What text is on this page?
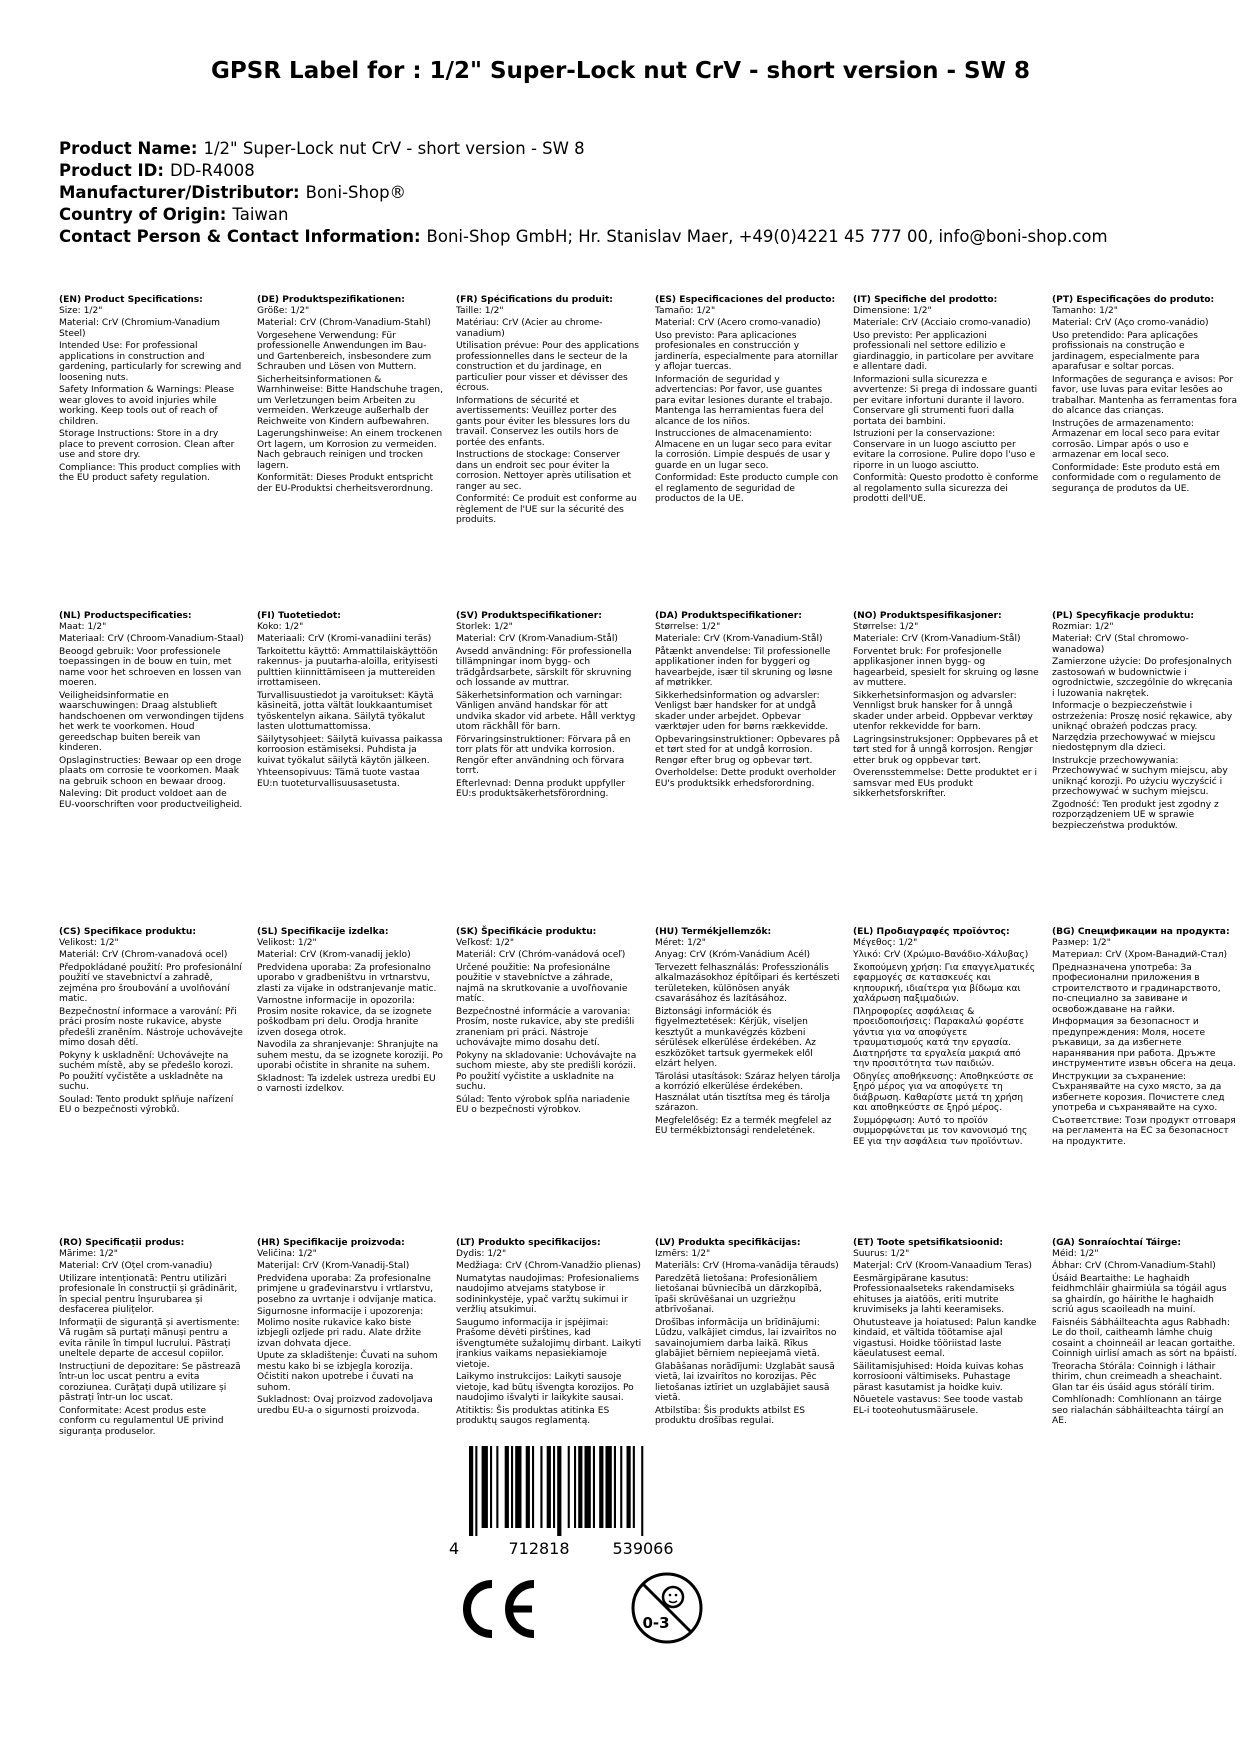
GPSR Label for : 1/2" Super-Lock nut CrV - short version - SW 8
Product Name: 1/2" Super-Lock nut CrV - short version - SW 8
Product ID: DD-R4008
Manufacturer/Distributor: Boni-Shop®
Country of Origin: Taiwan
Contact Person & Contact Information: Boni-Shop GmbH; Hr. Stanislav Maer, +49(0)4221 45 777 00, info@boni-shop.com
(EN) Product Specifications:
Size: 1/2"
Material: CrV (Chromium-Vanadium Steel)
Intended Use: For professional applications in construction and gardening, particularly for screwing and loosening nuts.
Safety Information & Warnings: Please wear gloves to avoid injuries while working. Keep tools out of reach of children.
Storage Instructions: Store in a dry place to prevent corrosion. Clean after use and store dry.
Compliance: This product complies with the EU product safety regulation.
(DE) Produktspezifikationen:
Größe: 1/2"
Material: CrV (Chrom-Vanadium-Stahl)
Vorgesehene Verwendung: Für professionelle Anwendungen im Bau- und Gartenbereich, insbesondere zum Schrauben und Lösen von Muttern.
Sicherheitsinformationen & Warnhinweise: Bitte Handschuhe tragen, um Verletzungen beim Arbeiten zu vermeiden. Werkzeuge außerhalb der Reichweite von Kindern aufbewahren.
Lagerungshinweise: An einem trockenen Ort lagern, um Korrosion zu vermeiden. Nach gebrauch reinigen und trocken lagern.
Konformität: Dieses Produkt entspricht der EU-Produktsi cherheitsverordnung.
(FR) Spécifications du produit:
Taille: 1/2"
Matériau: CrV (Acier au chrome-vanadium)
Utilisation prévue: Pour des applications professionnelles dans le secteur de la construction et du jardinage, en particulier pour visser et dévisser des écrous.
Informations de sécurité et avertissements: Veuillez porter des gants pour éviter les blessures lors du travail. Conservez les outils hors de portée des enfants.
Instructions de stockage: Conserver dans un endroit sec pour éviter la corrosion. Nettoyer après utilisation et ranger au sec.
Conformité: Ce produit est conforme au règlement de l'UE sur la sécurité des produits.
(ES) Especificaciones del producto:
Tamaño: 1/2"
Material: CrV (Acero cromo-vanadio)
Uso previsto: Para aplicaciones profesionales en construcción y jardinería, especialmente para atornillar y aflojar tuercas.
Información de seguridad y advertencias: Por favor, use guantes para evitar lesiones durante el trabajo. Mantenga las herramientas fuera del alcance de los niños.
Instrucciones de almacenamiento: Almacene en un lugar seco para evitar la corrosión. Limpie después de usar y guarde en un lugar seco.
Conformidad: Este producto cumple con el reglamento de seguridad de productos de la UE.
(IT) Specifiche del prodotto:
Dimensione: 1/2"
Materiale: CrV (Acciaio cromo-vanadio)
Uso previsto: Per applicazioni professionali nel settore edilizio e giardinaggio, in particolare per avvitare e allentare dadi.
Informazioni sulla sicurezza e avvertenze: Si prega di indossare guanti per evitare infortuni durante il lavoro. Conservare gli strumenti fuori dalla portata dei bambini.
Istruzioni per la conservazione: Conservare in un luogo asciutto per evitare la corrosione. Pulire dopo l'uso e riporre in un luogo asciutto.
Conformità: Questo prodotto è conforme al regolamento sulla sicurezza dei prodotti dell'UE.
(PT) Especificações do produto:
Tamanho: 1/2"
Material: CrV (Aço cromo-vanádio)
Uso pretendido: Para aplicações profissionais na construção e jardinagem, especialmente para aparafusar e soltar porcas.
Informações de segurança e avisos: Por favor, use luvas para evitar lesões ao trabalhar. Mantenha as ferramentas fora do alcance das crianças.
Instruções de armazenamento: Armazenar em local seco para evitar corrosão. Limpar após o uso e armazenar em local seco.
Conformidade: Este produto está em conformidade com o regulamento de segurança de produtos da UE.
(NL) Productspecificaties:
Maat: 1/2"
Materiaal: CrV (Chroom-Vanadium-Staal)
Beoogd gebruik: Voor professionele toepassingen in de bouw en tuin, met name voor het schroeven en lossen van moeren.
Veiligheidsinformatie en waarschuwingen: Draag alstublieft handschoenen om verwondingen tijdens het werk te voorkomen. Houd gereedschap buiten bereik van kinderen.
Opslaginstructies: Bewaar op een droge plaats om corrosie te voorkomen. Maak na gebruik schoon en bewaar droog.
Naleving: Dit product voldoet aan de EU-voorschriften voor productveiligheid.
(FI) Tuotetiedot:
Koko: 1/2"
Materiaali: CrV (Kromi-vanadiini teräs)
Tarkoitettu käyttö: Ammattilaiskäyttöön rakennus- ja puutarha-aloilla, erityisesti pulttien kiinnittämiseen ja muttereiden irrottamiseen.
Turvallisuustiedot ja varoitukset: Käytä käsineitä, jotta vältät loukkaantumiset työskentelyn aikana. Säilytä työkalut lasten ulottumattomissa.
Säilytysohjeet: Säilytä kuivassa paikassa korroosion estämiseksi. Puhdista ja kuivat työkalut säilytä käytön jälkeen.
Yhteensopivuus: Tämä tuote vastaa EU:n tuoteturvallisuusasetusta.
(SV) Produktspecifikationer:
Storlek: 1/2"
Material: CrV (Krom-Vanadium-Stål)
Avsedd användning: För professionella tillämpningar inom bygg- och trädgårdsarbete, särskilt för skruvning och lossande av muttrar.
Säkerhetsinformation och varningar: Vänligen använd handskar för att undvika skador vid arbete. Håll verktyg utom räckhåll för barn.
Förvaringsinstruktioner: Förvara på en torr plats för att undvika korrosion. Rengör efter användning och förvara torrt.
Efterlevnad: Denna produkt uppfyller EU:s produktsäkerhetsförordning.
(DA) Produktspecifikationer:
Størrelse: 1/2"
Materiale: CrV (Krom-Vanadium-Stål)
Påtænkt anvendelse: Til professionelle applikationer inden for byggeri og havearbejde, især til skruning og løsne af møtrikker.
Sikkerhedsinformation og advarsler: Venligst bær handsker for at undgå skader under arbejdet. Opbevar værktøjer uden for børns rækkevidde.
Opbevaringsinstruktioner: Opbevares på et tørt sted for at undgå korrosion. Rengør efter brug og opbevar tørt.
Overholdelse: Dette produkt overholder EU's produktsikk erhedsforordning.
(NO) Produktspesifikasjoner:
Størrelse: 1/2"
Materiale: CrV (Krom-Vanadium-Stål)
Forventet bruk: For profesjonelle applikasjoner innen bygg- og hagearbeid, spesielt for skruing og løsne av muttere.
Sikkerhetsinformasjon og advarsler: Vennligst bruk hansker for å unngå skader under arbeid. Oppbevar verktøy utenfor rekkevidde for barn.
Lagringsinstruksjoner: Oppbevares på et tørt sted for å unngå korrosjon. Rengjør etter bruk og oppbevar tørt.
Overensstemmelse: Dette produktet er i samsvar med EUs produkt sikkerhetsforskrifter.
(PL) Specyfikacje produktu:
Rozmiar: 1/2"
Materiał: CrV (Stal chromowo-wanadowa)
Zamierzone użycie: Do profesjonalnych zastosowań w budownictwie i ogrodnictwie, szczególnie do wkręcania i luzowania nakrętek.
Informacje o bezpieczeństwie i ostrzeżenia: Proszę nosić rękawice, aby uniknąć obrażeń podczas pracy. Narzędzia przechowywać w miejscu niedostępnym dla dzieci.
Instrukcje przechowywania: Przechowywać w suchym miejscu, aby uniknąć korozji. Po użyciu wyczyścić i przechowywać w suchym miejscu.
Zgodność: Ten produkt jest zgodny z rozporządzeniem UE w sprawie bezpieczeństwa produktów.
(CS) Specifikace produktu:
Velikost: 1/2"
Materiál: CrV (Chrom-vanadová ocel)
Předpokládané použití: Pro profesionální použití ve stavebnictví a zahradě, zejména pro šroubování a uvolňování matic.
Bezpečnostní informace a varování: Při práci prosím noste rukavice, abyste předešli zraněním. Nástroje uchovávejte mimo dosah dětí.
Pokyny k uskladnění: Uchovávejte na suchém místě, aby se předešlo korozi. Po použití vyčistěte a uskladněte na suchu.
Soulad: Tento produkt splňuje nařízení EU o bezpečnosti výrobků.
(SL) Specifikacije izdelka:
Velikost: 1/2"
Material: CrV (Krom-vanadij jeklo)
Predvidena uporaba: Za profesionalno uporabo v gradbeništvu in vrtnarstvu, zlasti za vijake in odstranjevanje matic.
Varnostne informacije in opozorila: Prosim nosite rokavice, da se izognete poškodbam pri delu. Orodja hranite izven dosega otrok.
Navodila za shranjevanje: Shranjujte na suhem mestu, da se izognete koroziji. Po uporabi očistite in shranite na suhem.
Skladnost: Ta izdelek ustreza uredbi EU o varnosti izdelkov.
(SK) Špecifikácie produktu:
Veľkosť: 1/2"
Materiál: CrV (Chróm-vanádová oceľ)
Určené použitie: Na profesionálne použitie v stavebníctve a záhrade, najmä na skrutkovanie a uvoľňovanie matíc.
Bezpečnostné informácie a varovania: Prosím, noste rukavice, aby ste predišli zraneniam pri práci. Nástroje uchovávajte mimo dosahu detí.
Pokyny na skladovanie: Uchovávajte na suchom mieste, aby ste predišli korózii. Po použití vyčistite a uskladnite na suchu.
Súlad: Tento výrobok spĺňa nariadenie EU o bezpečnosti výrobkov.
(HU) Termékjellemzők:
Méret: 1/2"
Anyag: CrV (Króm-Vanádium Acél)
Tervezett felhasználás: Professzionális alkalmazásokhoz építőipari és kertészeti területeken, különösen anyák csavarásához és lazításához.
Biztonsági információk és figyelmeztetések: Kérjük, viseljen kesztyűt a munkavégzés közbeni sérülések elkerülése érdekében. Az eszközöket tartsuk gyermekek elől elzárt helyen.
Tárolási utasítások: Száraz helyen tárolja a korrózió elkerülése érdekében. Használat után tisztítsa meg és tárolja szárazon.
Megfelelőség: Ez a termék megfelel az EU termékbiztonsági rendeletének.
(EL) Προδιαγραφές προϊόντος:
Μέγεθος: 1/2"
Υλικό: CrV (Χρώμιο-Βανάδιο-Χάλυβας)
Σκοπούμενη χρήση: Για επαγγελματικές εφαρμογές σε κατασκευές και κηπουρική, ιδιαίτερα για βίδωμα και χαλάρωση παξιμαδιών.
Πληροφορίες ασφάλειας & προειδοποιήσεις: Παρακαλώ φορέστε γάντια για να αποφύγετε τραυματισμούς κατά την εργασία. Διατηρήστε τα εργαλεία μακριά από την προσιτότητα των παιδιών.
Οδηγίες αποθήκευσης: Αποθηκεύστε σε ξηρό μέρος για να αποφύγετε τη διάβρωση. Καθαρίστε μετά τη χρήση και αποθηκεύστε σε ξηρό μέρος.
Συμμόρφωση: Αυτό το προϊόν συμμορφώνεται με τον κανονισμό της ΕΕ για την ασφάλεια των προϊόντων.
(BG) Спецификации на продукта:
Размер: 1/2"
Материал: CrV (Хром-Ванадий-Стал)
Предназначена употреба: За професионални приложения в строителството и градинарството, по-специално за завиване и освобождаване на гайки.
Информация за безопасност и предупреждения: Моля, носете ръкавици, за да избегнете наранявания при работа. Дръжте инструментите извън обсега на деца.
Инструкции за съхранение: Съхранявайте на сухо място, за да избегнете корозия. Почистете след употреба и съхранявайте на сухо.
Съответствие: Този продукт отговаря на регламента на ЕС за безопасност на продуктите.
(RO) Specificații produs:
Mărime: 1/2"
Material: CrV (Oțel crom-vanadiu)
Utilizare intenționată: Pentru utilizări profesionale în construcții și grădinărit, în special pentru înșurubarea și desfacerea piulițelor.
Informații de siguranță și avertismente: Vă rugăm să purtați mănuși pentru a evita rănile în timpul lucrului. Păstrați uneltele departe de accesul copiilor.
Instrucțiuni de depozitare: Se păstrează într-un loc uscat pentru a evita coroziunea. Curățați după utilizare și păstrați într-un loc uscat.
Conformitate: Acest produs este conform cu regulamentul UE privind siguranța produselor.
(HR) Specifikacije proizvoda:
Veličina: 1/2"
Materijal: CrV (Krom-Vanadij-Stal)
Predviđena uporaba: Za profesionalne primjene u građevinarstvu i vrtlarstvu, posebno za uvrtanje i odvijanje matica.
Sigurnosne informacije i upozorenja: Molimo nosite rukavice kako biste izbjegli ozljede pri radu. Alate držite izvan dohvata djece.
Upute za skladištenje: Čuvati na suhom mestu kako bi se izbjegla korozija. Očistiti nakon upotrebe i čuvati na suhom.
Sukladnost: Ovaj proizvod zadovoljava uredbu EU-a o sigurnosti proizvoda.
(LT) Produkto specifikacijos:
Dydis: 1/2"
Medžiaga: CrV (Chrom-Vanadžio plienas)
Numatytas naudojimas: Profesionaliems naudojimo atvejams statybose ir sodininkystėje, ypač varžtų sukimui ir veržlių atsukimui.
Saugumo informacija ir įspėjimai: Prašome dėvėti pirštines, kad išvengtumėte sužalojimų dirbant. Laikyti įrankius vaikams nepasiekiamoje vietoje.
Laikymo instrukcijos: Laikyti sausoje vietoje, kad būtų išvengta korozijos. Po naudojimo išvalyti ir laikykite sausai.
Atitiktis: Šis produktas atitinka ES produktų saugos reglamentą.
(LV) Produkta specifikācijas:
Izmērs: 1/2"
Materiāls: CrV (Hroma-vanādija tērauds)
Paredzētā lietošana: Profesionāliem lietošanai būvniecībā un dārzkopībā, īpaši skrūvēšanai un uzgriežņu atbrīvošanai.
Drošības informācija un brīdinājumi: Lūdzu, valkājiet cimdus, lai izvairītos no savainojumiem darba laikā. Rīkus glabājiet bērniem nepieejamā vietā.
Glabāšanas norādījumi: Uzglabāt sausā vietā, lai izvairītos no korozijas. Pēc lietošanas iztīriet un uzglabājiet sausā vietā.
Atbilstība: Šis produkts atbilst ES produktu drošības regulai.
(ET) Toote spetsifikatsioonid:
Suurus: 1/2"
Materjal: CrV (Kroom-Vanaadium Teras)
Eesmärgipärane kasutus: Professionaalseteks rakendamiseks ehituses ja aiatöös, eriti mutrite kruvimiseks ja lahti keeramiseks.
Ohutusteave ja hoiatused: Palun kandke kindaid, et vältida töötamise ajal vigastusi. Hoidke tööriistad laste käeulatusest eemal.
Säilitamisjuhised: Hoida kuivas kohas korrosiooni vältimiseks. Puhastage pärast kasutamist ja hoidke kuiv.
Nõuetele vastavus: See toode vastab EL-i tooteohutusmäärusele.
(GA) Sonraíochtaí Táirge:
Méid: 1/2"
Ábhar: CrV (Chrom-Vanadium-Stahl)
Úsáid Beartaithe: Le haghaidh feidhmchláir ghairmiúla sa tógáil agus sa ghairdín, go háirithe le haghaidh scriú agus scaoileadh na muiní.
Faisnéis Sábháilteachta agus Rabhadh: Le do thoil, caitheamh lámhe chuig cosaint a choinneáil ar leacan gortaithe. Coinnigh uirlisí amach as sórt na bpáistí.
Treoracha Stórála: Coinnigh i láthair thirim, chun creimeadh a sheachaint. Glan tar éis úsáid agus stórálí tirim.
Comhlíonadh: Comhlíonann an táirge seo rialachán sábháilteachta táirgí an AE.
4	712818	539066
0-3
